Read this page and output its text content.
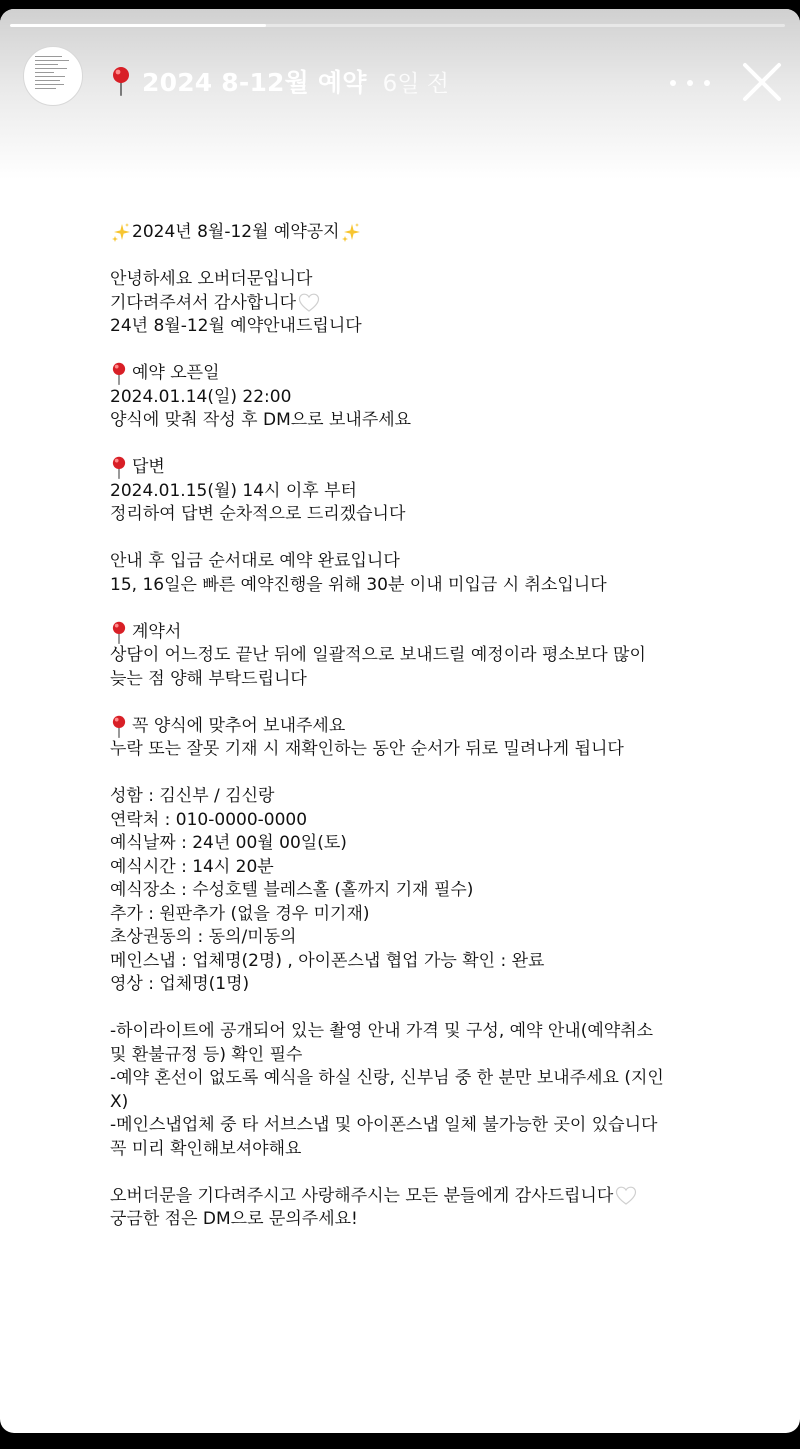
2024 8-12월 예약 6일 전
2024년 8월-12월 예약공지
안녕하세요 오버더문입니다
기다려주셔서 감사합니다
24년 8월-12월 예약안내드립니다
예약 오픈일
2024.01.14(일) 22:00
양식에 맞춰 작성 후 DM으로 보내주세요
답변
2024.01.15(월) 14시 이후 부터
정리하여 답변 순차적으로 드리겠습니다
안내 후 입금 순서대로 예약 완료입니다
15, 16일은 빠른 예약진행을 위해 30분 이내 미입금 시 취소입니다
계약서
상담이 어느정도 끝난 뒤에 일괄적으로 보내드릴 예정이라 평소보다 많이
늦는 점 양해 부탁드립니다
꼭 양식에 맞추어 보내주세요
누락 또는 잘못 기재 시 재확인하는 동안 순서가 뒤로 밀려나게 됩니다
성함 : 김신부 / 김신랑
연락처 : 010-0000-0000
예식날짜 : 24년 00월 00일(토)
예식시간 : 14시 20분
예식장소 : 수성호텔 블레스홀 (홀까지 기재 필수)
추가 : 원판추가 (없을 경우 미기재)
초상권동의 : 동의/미동의
메인스냅 : 업체명(2명) , 아이폰스냅 협업 가능 확인 : 완료
영상 : 업체명(1명)
-하이라이트에 공개되어 있는 촬영 안내 가격 및 구성, 예약 안내(예약취소
및 환불규정 등) 확인 필수
-예약 혼선이 없도록 예식을 하실 신랑, 신부님 중 한 분만 보내주세요 (지인
X)
-메인스냅업체 중 타 서브스냅 및 아이폰스냅 일체 불가능한 곳이 있습니다
꼭 미리 확인해보셔야해요
오버더문을 기다려주시고 사랑해주시는 모든 분들에게 감사드립니다
궁금한 점은 DM으로 문의주세요!
